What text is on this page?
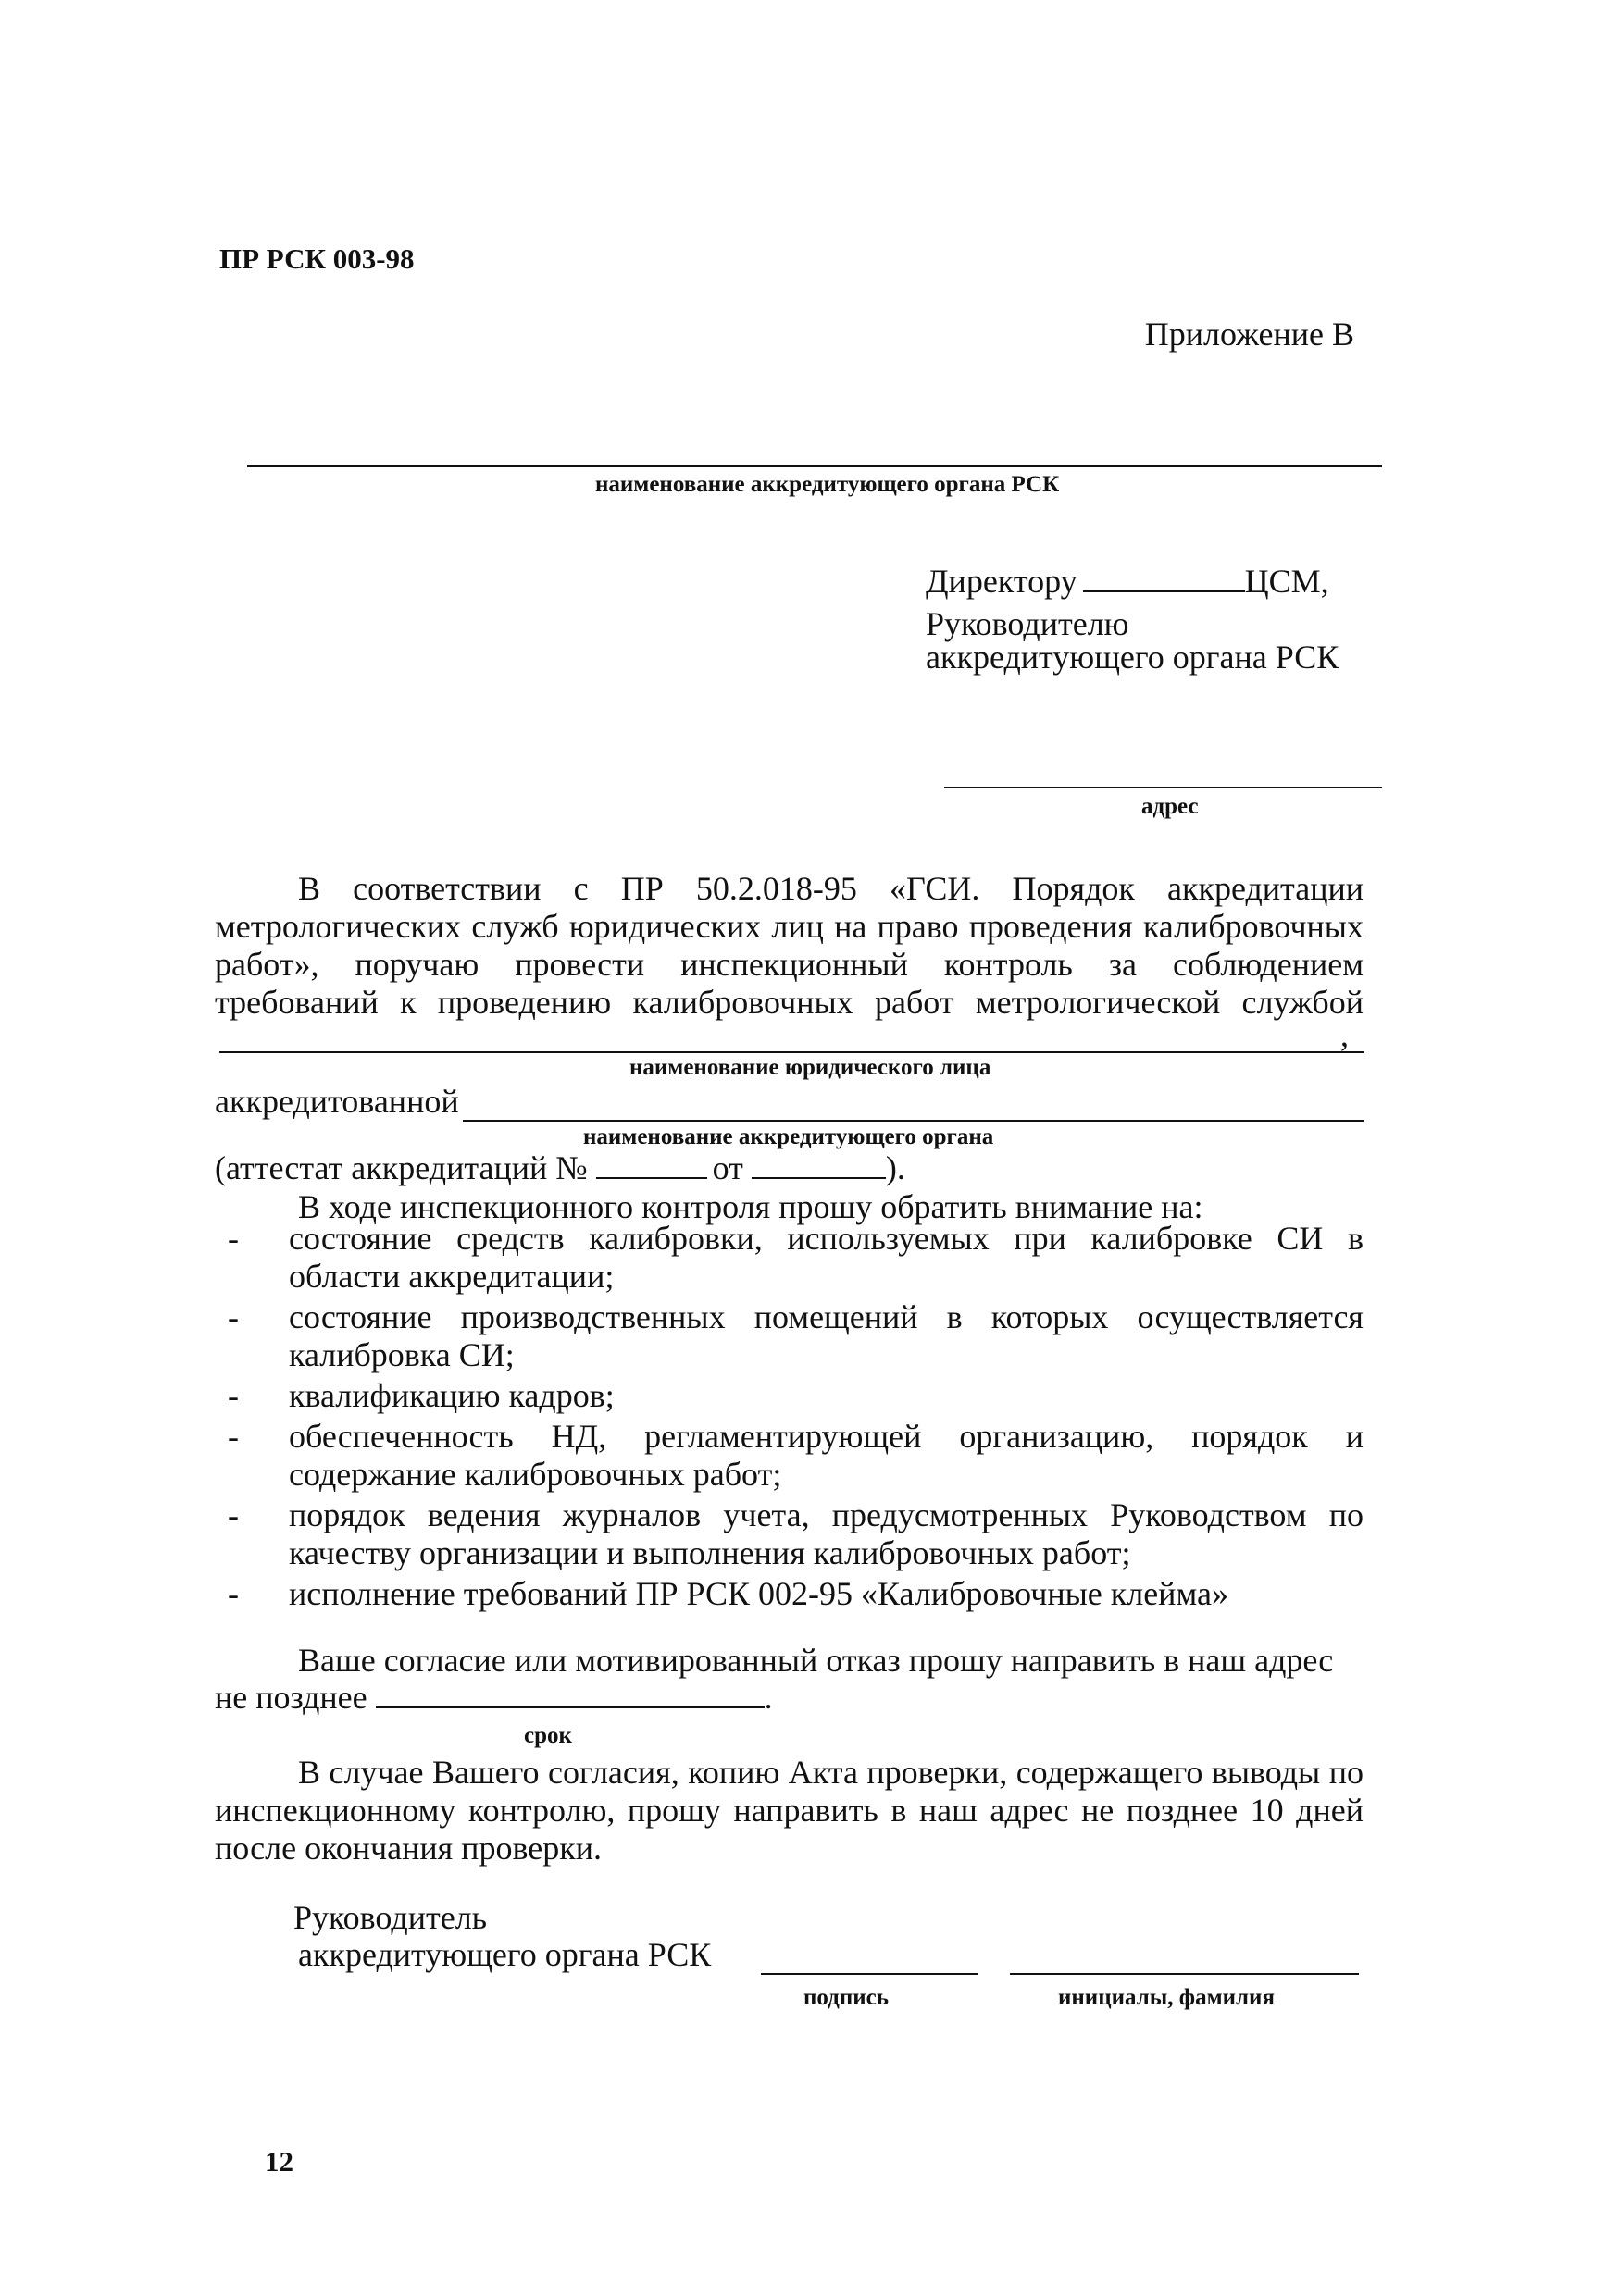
ПР РСК 003-98
Приложение В
наименование аккредитующего органа РСК
Директору	ЦСМ,
Руководителю
аккредитующего органа РСК
адрес
В соответствии с ПР 50.2.018-95 «ГСИ. Порядок аккредитации метрологических служб юридических лиц на право проведения калибровочных работ», поручаю провести инспекционный контроль за соблюдением требований к проведению калибровочных работ метрологической службой
,
наименование юридического лица
аккредитованной
наименование аккредитующего органа
(аттестат аккредитаций №	от	).
В ходе инспекционного контроля прошу обратить внимание на:
- состояние средств калибровки, используемых при калибровке СИ в области аккредитации;
- состояние производственных помещений в которых осуществляется калибровка СИ;
- квалификацию кадров;
- обеспеченность НД, регламентирующей организацию, порядок и содержание калибровочных работ;
- порядок ведения журналов учета, предусмотренных Руководством по качеству организации и выполнения калибровочных работ;
- исполнение требований ПР РСК 002-95 «Калибровочные клейма»
Ваше согласие или мотивированный отказ прошу направить в наш адрес
не позднее	.
срок
В случае Вашего согласия, копию Акта проверки, содержащего выводы по инспекционному контролю, прошу направить в наш адрес не позднее 10 дней после окончания проверки.
Руководитель
аккредитующего органа РСК
подпись	инициалы, фамилия
12
